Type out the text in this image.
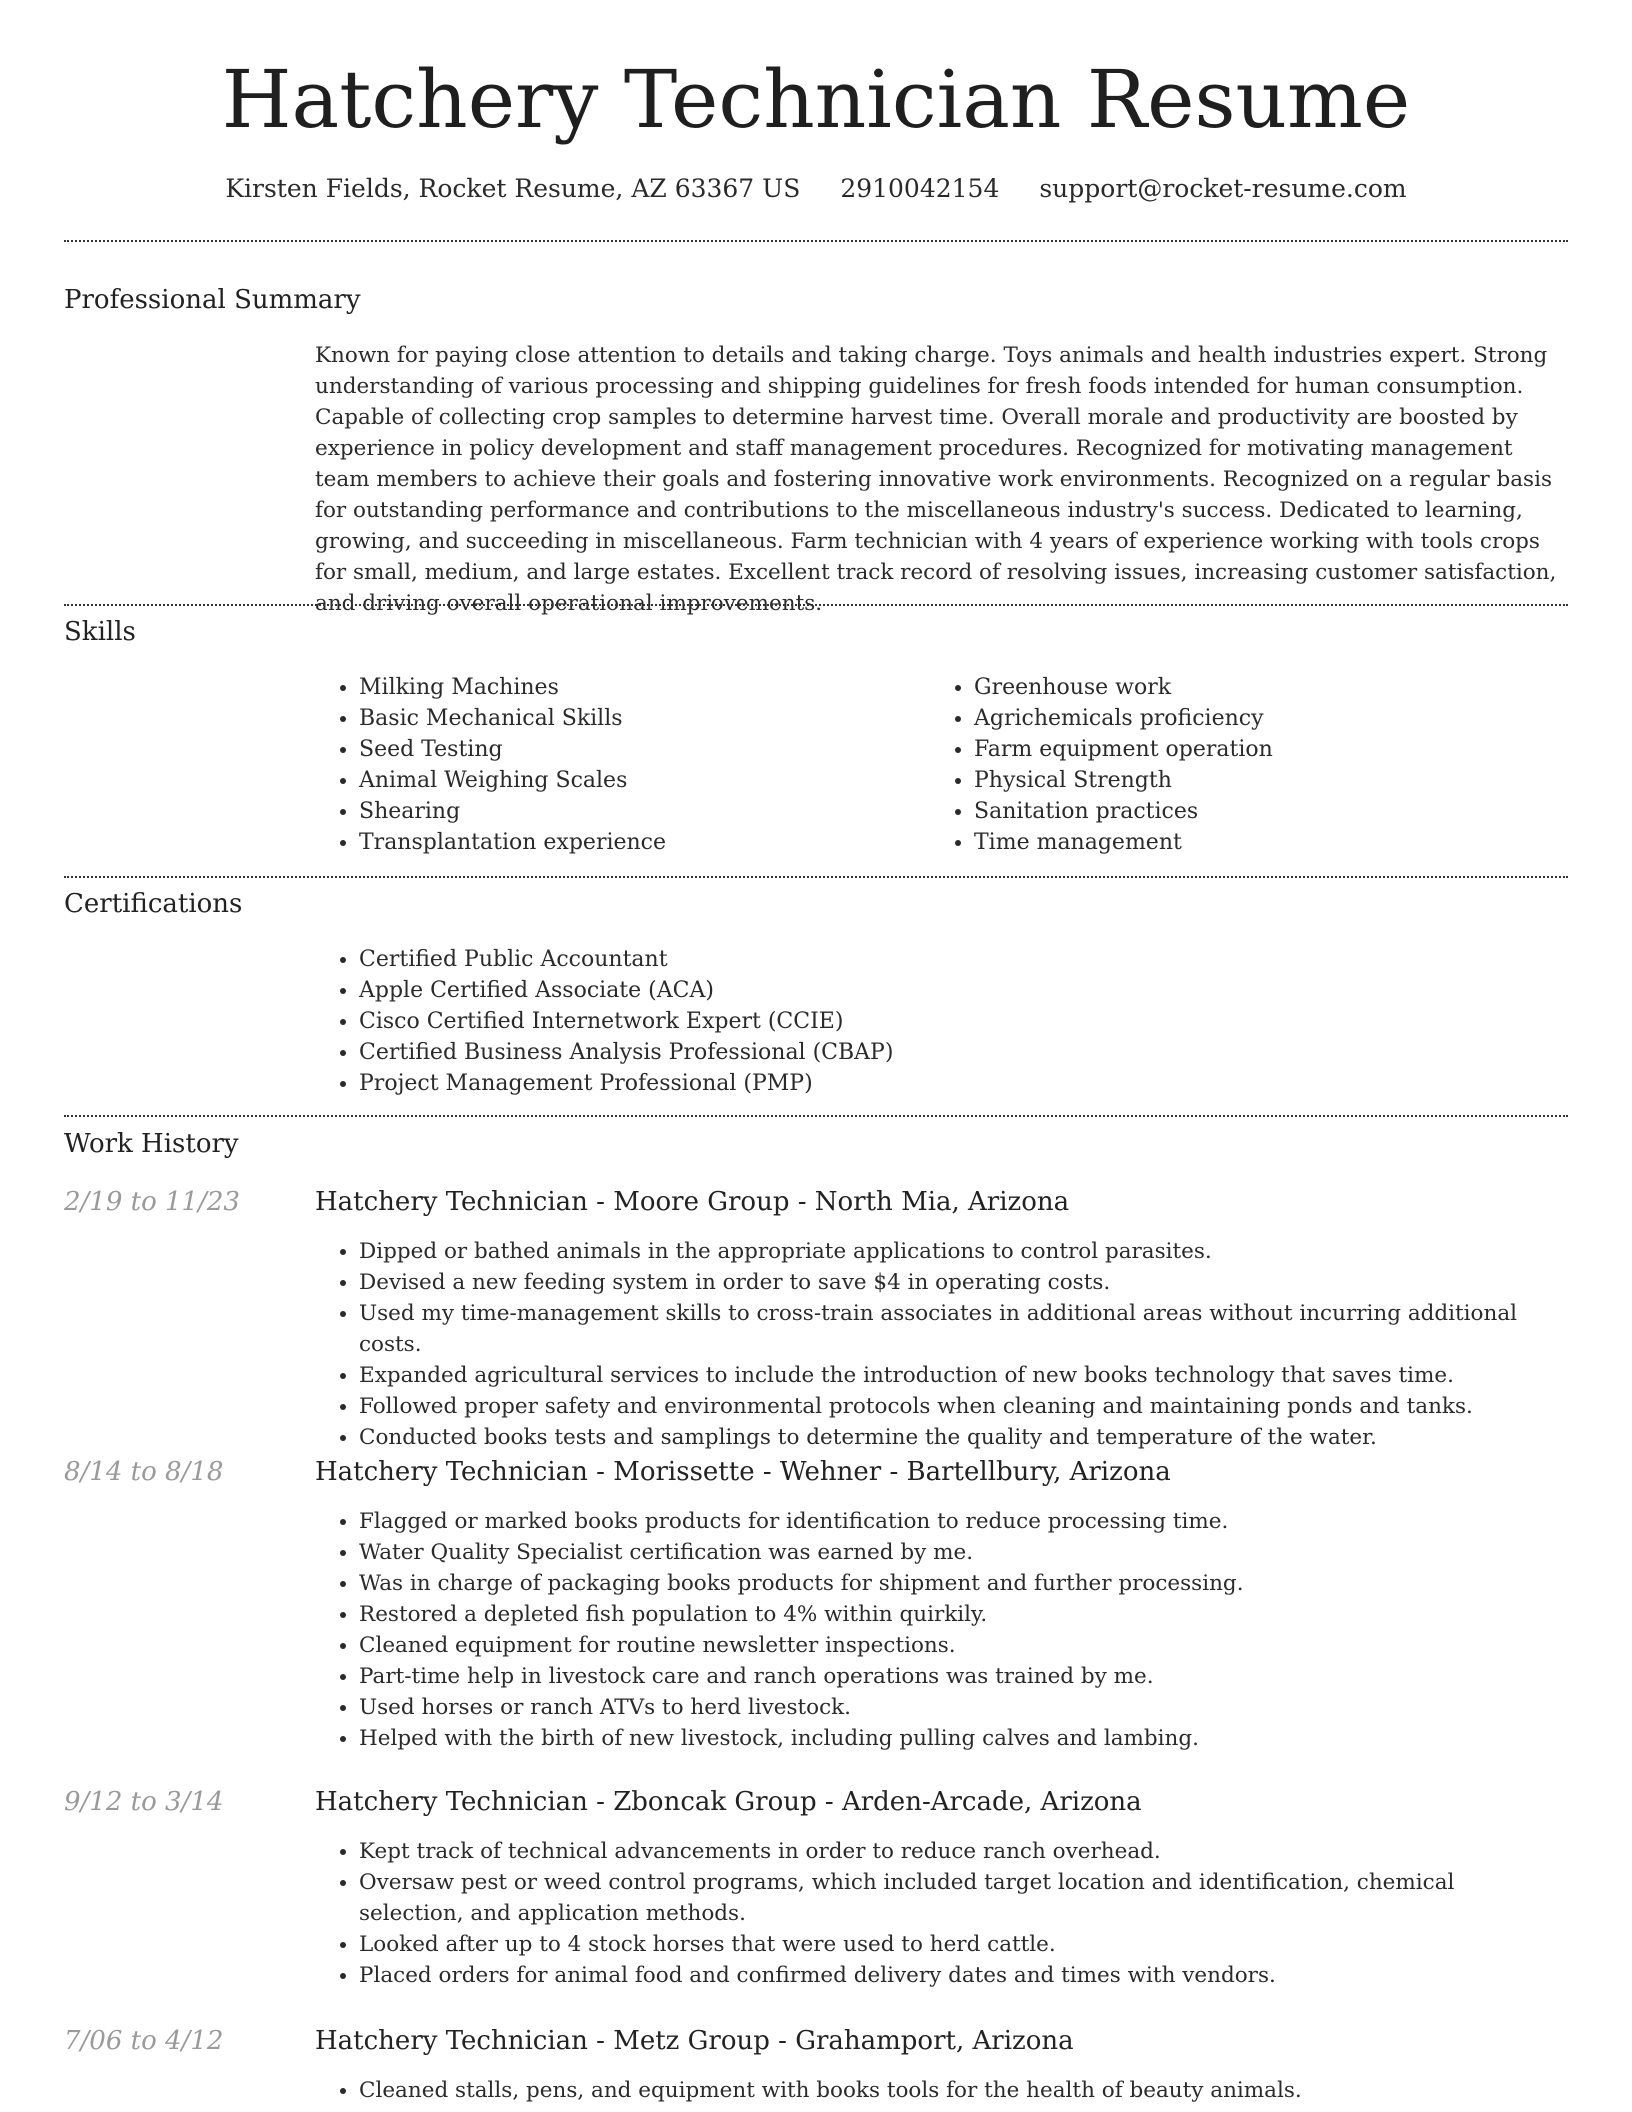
Hatchery Technician Resume
Kirsten Fields, Rocket Resume, AZ 63367 US 2910042154 support@rocket-resume.com
Professional Summary

Known for paying close attention to details and taking charge. Toys animals and health industries expert. Strong understanding of various processing and shipping guidelines for fresh foods intended for human consumption. Capable of collecting crop samples to determine harvest time. Overall morale and productivity are boosted by experience in policy development and staff management procedures. Recognized for motivating management team members to achieve their goals and fostering innovative work environments. Recognized on a regular basis for outstanding performance and contributions to the miscellaneous industry's success. Dedicated to learning, growing, and succeeding in miscellaneous. Farm technician with 4 years of experience working with tools crops for small, medium, and large estates. Excellent track record of resolving issues, increasing customer satisfaction, and driving overall operational improvements.

Skills
• Milking Machines
• Basic Mechanical Skills
• Seed Testing
• Animal Weighing Scales
• Shearing
• Transplantation experience
• Greenhouse work
• Agrichemicals proficiency
• Farm equipment operation
• Physical Strength
• Sanitation practices
• Time management
Certifications
• Certified Public Accountant
• Apple Certified Associate (ACA)
• Cisco Certified Internetwork Expert (CCIE)
• Certified Business Analysis Professional (CBAP)
• Project Management Professional (PMP)
Work History
2/19 to 11/23	Hatchery Technician - Moore Group - North Mia, Arizona
• Dipped or bathed animals in the appropriate applications to control parasites.
• Devised a new feeding system in order to save $4 in operating costs.
• Used my time-management skills to cross-train associates in additional areas without incurring additional costs.
• Expanded agricultural services to include the introduction of new books technology that saves time.
• Followed proper safety and environmental protocols when cleaning and maintaining ponds and tanks.
• Conducted books tests and samplings to determine the quality and temperature of the water.
8/14 to 8/18	Hatchery Technician - Morissette - Wehner - Bartellbury, Arizona
• Flagged or marked books products for identification to reduce processing time.
• Water Quality Specialist certification was earned by me.
• Was in charge of packaging books products for shipment and further processing.
• Restored a depleted fish population to 4% within quirkily.
• Cleaned equipment for routine newsletter inspections.
• Part-time help in livestock care and ranch operations was trained by me.
• Used horses or ranch ATVs to herd livestock.
• Helped with the birth of new livestock, including pulling calves and lambing.
9/12 to 3/14	Hatchery Technician - Zboncak Group - Arden-Arcade, Arizona
• Kept track of technical advancements in order to reduce ranch overhead.
• Oversaw pest or weed control programs, which included target location and identification, chemical selection, and application methods.
• Looked after up to 4 stock horses that were used to herd cattle.
• Placed orders for animal food and confirmed delivery dates and times with vendors.
7/06 to 4/12	Hatchery Technician - Metz Group - Grahamport, Arizona
• Cleaned stalls, pens, and equipment with books tools for the health of beauty animals.
